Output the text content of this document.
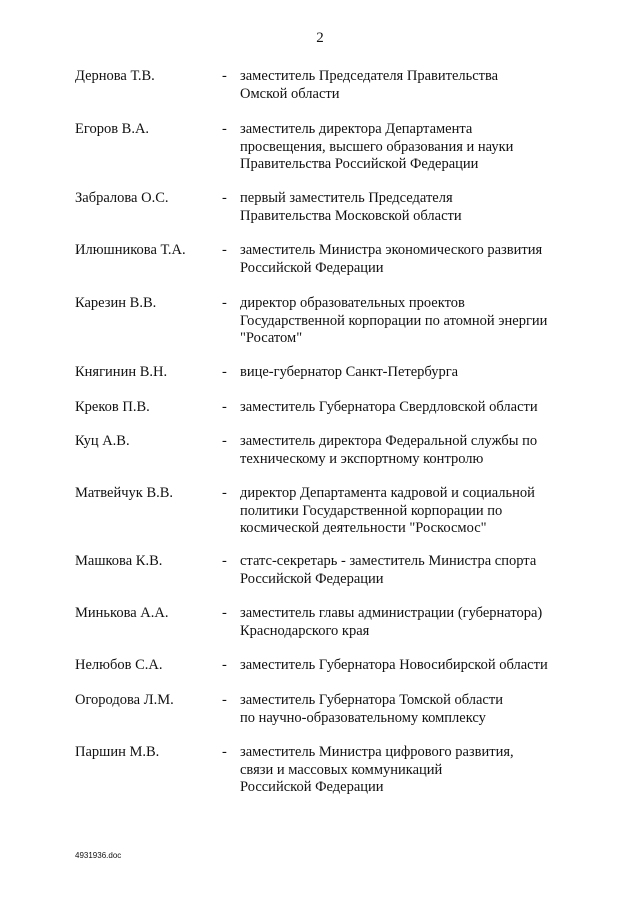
2
Дернова Т.В.	- заместитель Председателя Правительства
Омской области
Егоров В.А.	- заместитель директора Департамента
просвещения, высшего образования и науки
Правительства Российской Федерации
Забралова О.С.	- первый заместитель Председателя
Правительства Московской области
Илюшникова Т.А.	- заместитель Министра экономического развития
Российской Федерации
Карезин В.В.	- директор образовательных проектов
Государственной корпорации по атомной энергии
"Росатом"
Княгинин В.Н.	- вице-губернатор Санкт-Петербурга
Креков П.В.	- заместитель Губернатора Свердловской области
Куц А.В.	- заместитель директора Федеральной службы по
техническому и экспортному контролю
Матвейчук В.В.	- директор Департамента кадровой и социальной
политики Государственной корпорации по
космической деятельности "Роскосмос"
Машкова К.В.	- статс-секретарь - заместитель Министра спорта
Российской Федерации
Минькова А.А.	- заместитель главы администрации (губернатора)
Краснодарского края
Нелюбов С.А.	- заместитель Губернатора Новосибирской области
Огородова Л.М.	- заместитель Губернатора Томской области
по научно-образовательному комплексу
Паршин М.В.	- заместитель Министра цифрового развития,
связи и массовых коммуникаций
Российской Федерации
4931936.doc
